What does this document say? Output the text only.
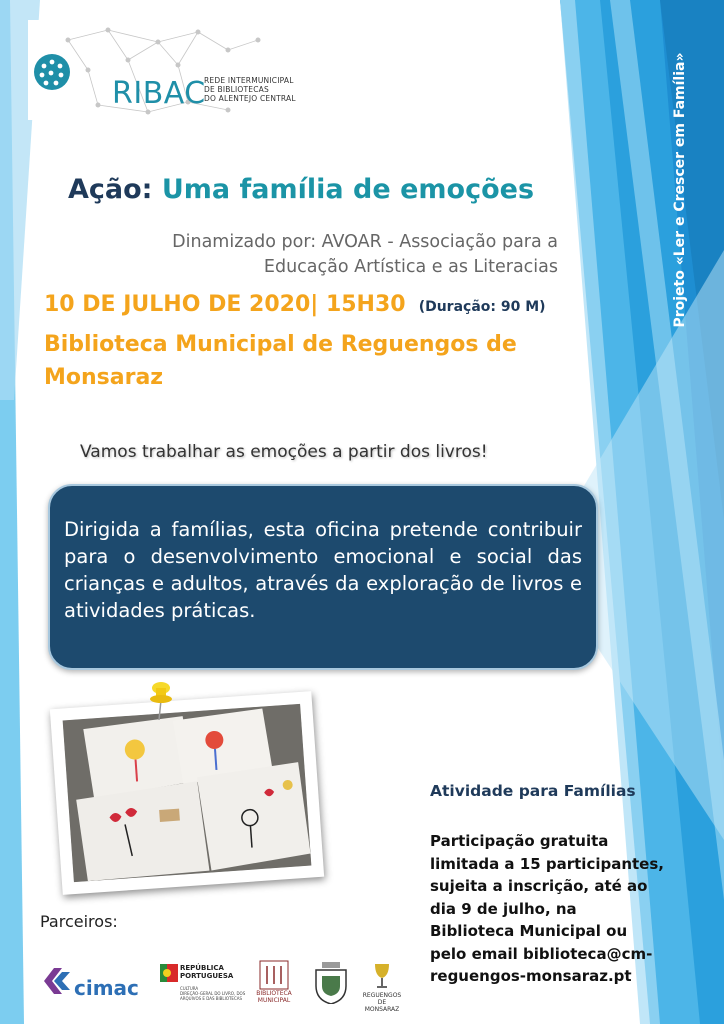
RIBAC
REDE INTERMUNICIPAL
DE BIBLIOTECAS
DO ALENTEJO CENTRAL	Projeto «Ler e Crescer em Família»
Ação: Uma família de emoções
Dinamizado por: AVOAR - Associação para a
Educação Artística e as Literacias
10 DE JULHO DE 2020| 15H30 (Duração: 90 M)
Biblioteca Municipal de Reguengos de Monsaraz
Vamos trabalhar as emoções a partir dos livros!
Dirigida a famílias, esta oficina pretende contribuir para o desenvolvimento emocional e social das crianças e adultos, através da exploração de livros e atividades práticas.
Atividade para Famílias
Participação gratuita
limitada a 15 participantes,
sujeita a inscrição, até ao
dia 9 de julho, na
Biblioteca Municipal ou
pelo email biblioteca@cm-
reguengos-monsaraz.pt
Parceiros:
cimac
REPÚBLICA
PORTUGUESA
CULTURA
DIREÇÃO-GERAL DO LIVRO, DOS ARQUIVOS E DAS BIBLIOTECAS
BIBLIOTECA
MUNICIPAL
REGUENGOS
DE MONSARAZ
